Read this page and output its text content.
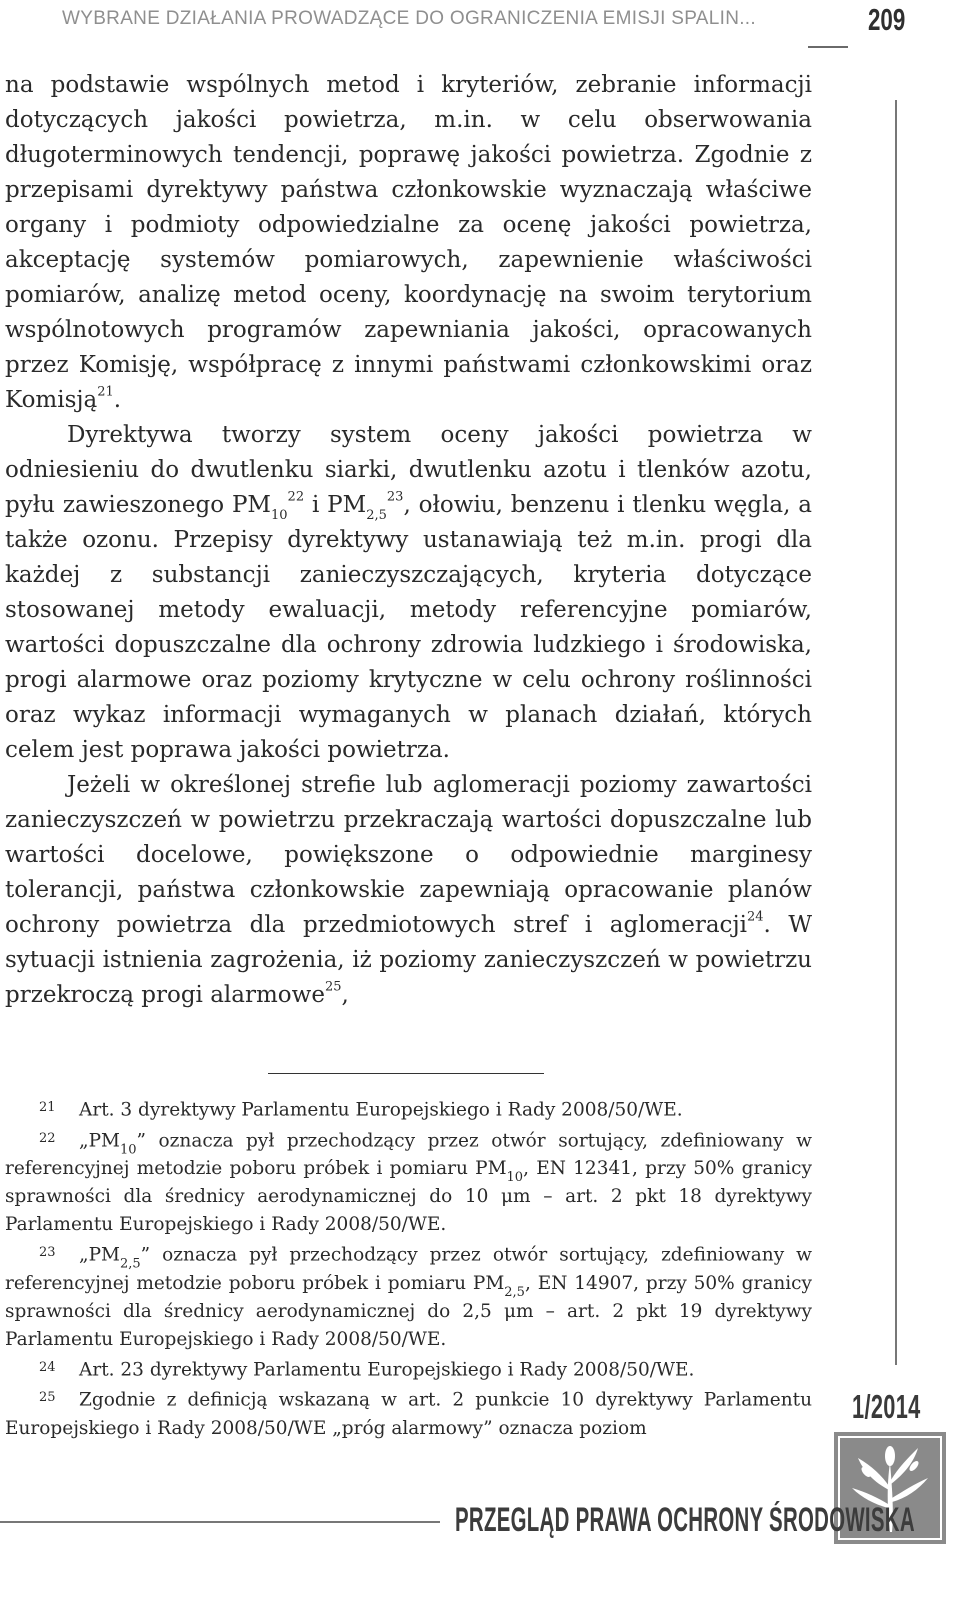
WYBRANE DZIAŁANIA PROWADZĄCE DO OGRANICZENIA EMISJI SPALIN...	209

na podstawie wspólnych metod i kryteriów, zebranie informacji dotyczących jakości powietrza, m.in. w celu obserwowania długoterminowych tendencji, poprawę jakości powietrza. Zgodnie z przepisami dyrektywy państwa członkowskie wyznaczają właściwe organy i podmioty odpowiedzialne za ocenę jakości powietrza, akceptację systemów pomiarowych, zapewnienie właściwości pomiarów, analizę metod oceny, koordynację na swoim terytorium wspólnotowych programów zapewniania jakości, opracowanych przez Komisję, współpracę z innymi państwami członkowskimi oraz Komisją$^{21}$.

Dyrektywa tworzy system oceny jakości powietrza w odniesieniu do dwutlenku siarki, dwutlenku azotu i tlenków azotu, pyłu zawieszonego $PM_{10}^{22}$ i $PM_{2,5}^{23}$, ołowiu, benzenu i tlenku węgla, a także ozonu. Przepisy dyrektywy ustanawiają też m.in. progi dla każdej z substancji zanieczyszczających, kryteria dotyczące stosowanej metody ewaluacji, metody referencyjne pomiarów, wartości dopuszczalne dla ochrony zdrowia ludzkiego i środowiska, progi alarmowe oraz poziomy krytyczne w celu ochrony roślinności oraz wykaz informacji wymaganych w planach działań, których celem jest poprawa jakości powietrza.

Jeżeli w określonej strefie lub aglomeracji poziomy zawartości zanieczyszczeń w powietrzu przekraczają wartości dopuszczalne lub wartości docelowe, powiększone o odpowiednie marginesy tolerancji, państwa członkowskie zapewniają opracowanie planów ochrony powietrza dla przedmiotowych stref i aglomeracji$^{24}$. W sytuacji istnienia zagrożenia, iż poziomy zanieczyszczeń w powietrzu przekroczą progi alarmowe$^{25}$,

21 Art. 3 dyrektywy Parlamentu Europejskiego i Rady 2008/50/WE.

22 $„PM_{10}$” oznacza pył przechodzący przez otwór sortujący, zdefiniowany w referencyjnej metodzie poboru próbek i pomiaru $PM_{10}$, EN 12341, przy 50% granicy sprawności dla średnicy aerodynamicznej do 10 μm – art. 2 pkt 18 dyrektywy Parlamentu Europejskiego i Rady 2008/50/WE.

23 $„PM_{2,5}$” oznacza pył przechodzący przez otwór sortujący, zdefiniowany w referencyjnej metodzie poboru próbek i pomiaru $PM_{2,5}$, EN 14907, przy 50% granicy sprawności dla średnicy aerodynamicznej do 2,5 μm – art. 2 pkt 19 dyrektywy Parlamentu Europejskiego i Rady 2008/50/WE.

24 Art. 23 dyrektywy Parlamentu Europejskiego i Rady 2008/50/WE.

25 Zgodnie z definicją wskazaną w art. 2 punkcie 10 dyrektywy Parlamentu Europejskiego i Rady 2008/50/WE „próg alarmowy” oznacza poziom

1/2014
PRZEGLĄD PRAWA OCHRONY ŚRODOWISKA
